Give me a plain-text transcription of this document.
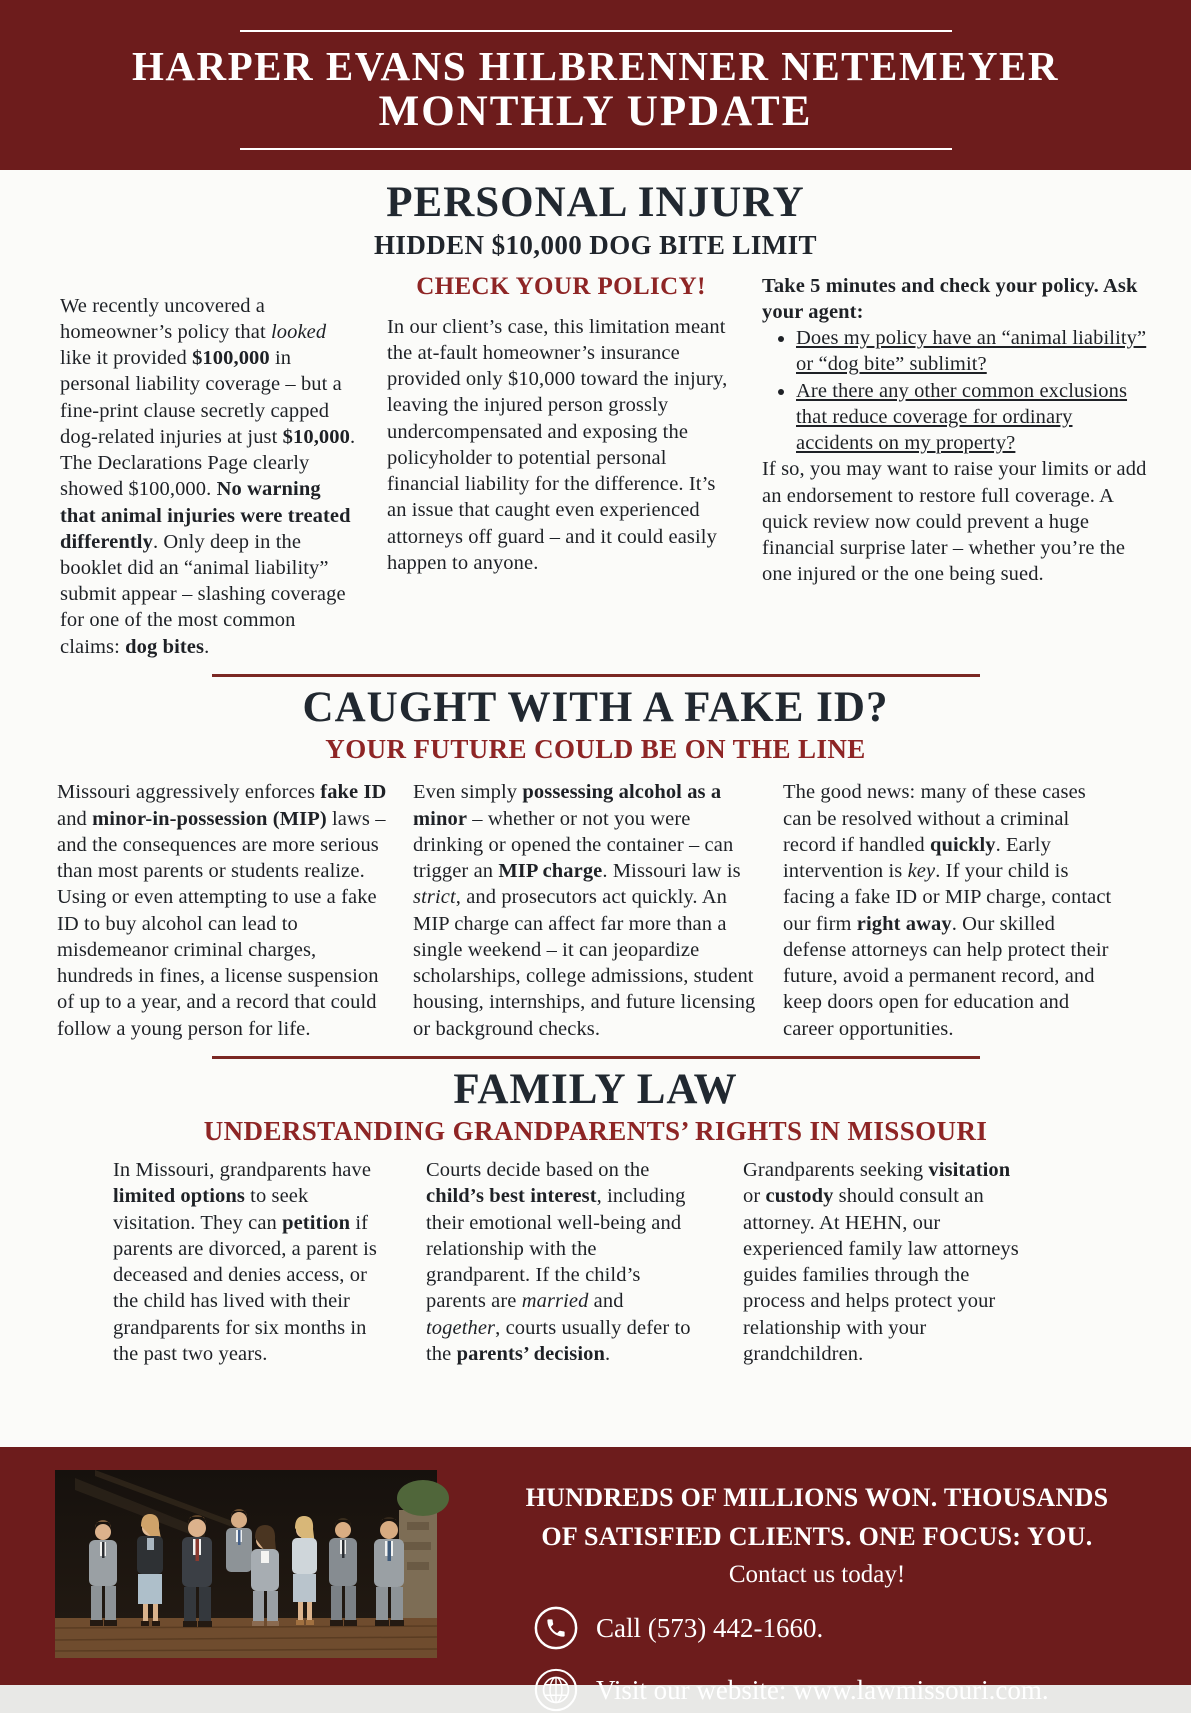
HARPER EVANS HILBRENNER NETEMEYER
MONTHLY UPDATE
PERSONAL INJURY
HIDDEN $10,000 DOG BITE LIMIT

We recently uncovered a homeowner’s policy that looked like it provided $100,000 in personal liability coverage – but a fine-print clause secretly capped dog-related injuries at just $10,000. The Declarations Page clearly showed $100,000. No warning that animal injuries were treated differently. Only deep in the booklet did an “animal liability” submit appear – slashing coverage for one of the most common claims: dog bites.

CHECK YOUR POLICY!

In our client’s case, this limitation meant the at-fault homeowner’s insurance provided only $10,000 toward the injury, leaving the injured person grossly undercompensated and exposing the policyholder to potential personal financial liability for the difference. It’s an issue that caught even experienced attorneys off guard – and it could easily happen to anyone.

Take 5 minutes and check your policy. Ask your agent:

• Does my policy have an “animal liability” or “dog bite” sublimit?
• Are there any other common exclusions that reduce coverage for ordinary accidents on my property?

If so, you may want to raise your limits or add an endorsement to restore full coverage. A quick review now could prevent a huge financial surprise later – whether you’re the one injured or the one being sued.

CAUGHT WITH A FAKE ID?
YOUR FUTURE COULD BE ON THE LINE

Missouri aggressively enforces fake ID and minor-in-possession (MIP) laws – and the consequences are more serious than most parents or students realize. Using or even attempting to use a fake ID to buy alcohol can lead to misdemeanor criminal charges, hundreds in fines, a license suspension of up to a year, and a record that could follow a young person for life.

Even simply possessing alcohol as a minor – whether or not you were drinking or opened the container – can trigger an MIP charge. Missouri law is strict, and prosecutors act quickly. An MIP charge can affect far more than a single weekend – it can jeopardize scholarships, college admissions, student housing, internships, and future licensing or background checks.

The good news: many of these cases can be resolved without a criminal record if handled quickly. Early intervention is key. If your child is facing a fake ID or MIP charge, contact our firm right away. Our skilled defense attorneys can help protect their future, avoid a permanent record, and keep doors open for education and career opportunities.

FAMILY LAW
UNDERSTANDING GRANDPARENTS’ RIGHTS IN MISSOURI

In Missouri, grandparents have limited options to seek visitation. They can petition if parents are divorced, a parent is deceased and denies access, or the child has lived with their grandparents for six months in the past two years.

Courts decide based on the child’s best interest, including their emotional well-being and relationship with the grandparent. If the child’s parents are married and together, courts usually defer to the parents’ decision.

Grandparents seeking visitation or custody should consult an attorney. At HEHN, our experienced family law attorneys guides families through the process and helps protect your relationship with your grandchildren.

HUNDREDS OF MILLIONS WON. THOUSANDS
OF SATISFIED CLIENTS. ONE FOCUS: YOU.
Contact us today!
Call (573) 442-1660.
Visit our website: www.lawmissouri.com.
